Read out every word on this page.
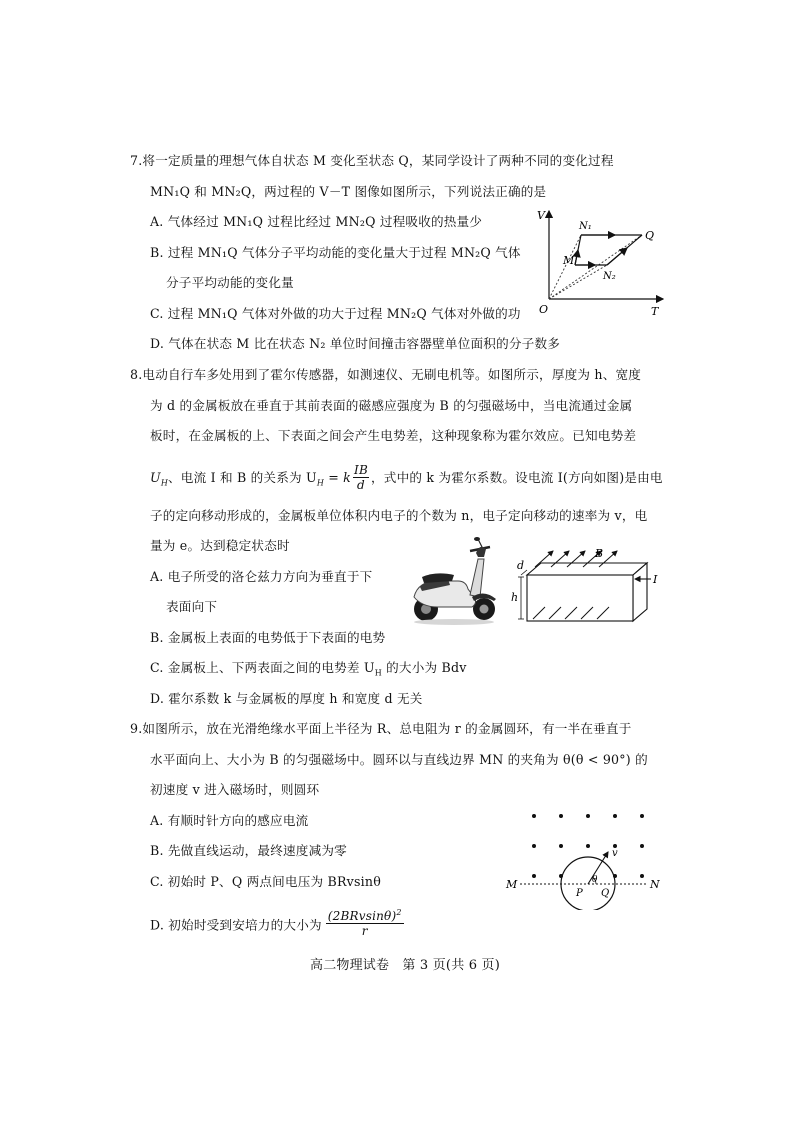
7.将一定质量的理想气体自状态 M 变化至状态 Q，某同学设计了两种不同的变化过程
MN₁Q 和 MN₂Q，两过程的 V－T 图像如图所示，下列说法正确的是
A. 气体经过 MN₁Q 过程比经过 MN₂Q 过程吸收的热量少
B. 过程 MN₁Q 气体分子平均动能的变化量大于过程 MN₂Q 气体
分子平均动能的变化量
C. 过程 MN₁Q 气体对外做的功大于过程 MN₂Q 气体对外做的功
D. 气体在状态 M 比在状态 N₂ 单位时间撞击容器壁单位面积的分子数多
V
T
O
N₁
Q
M
N₂
8.电动自行车多处用到了霍尔传感器，如测速仪、无刷电机等。如图所示，厚度为 h、宽度
为 d 的金属板放在垂直于其前表面的磁感应强度为 B 的匀强磁场中，当电流通过金属
板时，在金属板的上、下表面之间会产生电势差，这种现象称为霍尔效应。已知电势差
$U_H$、电流 I 和 B 的关系为 $U_H = k \frac{IB}{d}$ ，式中的 k 为霍尔系数。设电流 I(方向如图)是由电
子的定向移动形成的，金属板单位体积内电子的个数为 n，电子定向移动的速率为 v，电
量为 e。达到稳定状态时
A. 电子所受的洛仑兹力方向为垂直于下
表面向下
B. 金属板上表面的电势低于下表面的电势
C. 金属板上、下两表面之间的电势差 $U_H$ 的大小为 Bdv
D. 霍尔系数 k 与金属板的厚度 h 和宽度 d 无关
B
d
h
I
9.如图所示，放在光滑绝缘水平面上半径为 R、总电阻为 r 的金属圆环，有一半在垂直于
水平面向上、大小为 B 的匀强磁场中。圆环以与直线边界 MN 的夹角为 θ(θ < 90°) 的
初速度 v 进入磁场时，则圆环
A. 有顺时针方向的感应电流
B. 先做直线运动，最终速度减为零
C. 初始时 P、Q 两点间电压为 BRvsinθ
D. 初始时受到安培力的大小为
$(2BRvsin\theta)^2$
r
M	N
v
θ
P Q
高二物理试卷　第 3 页(共 6 页)
